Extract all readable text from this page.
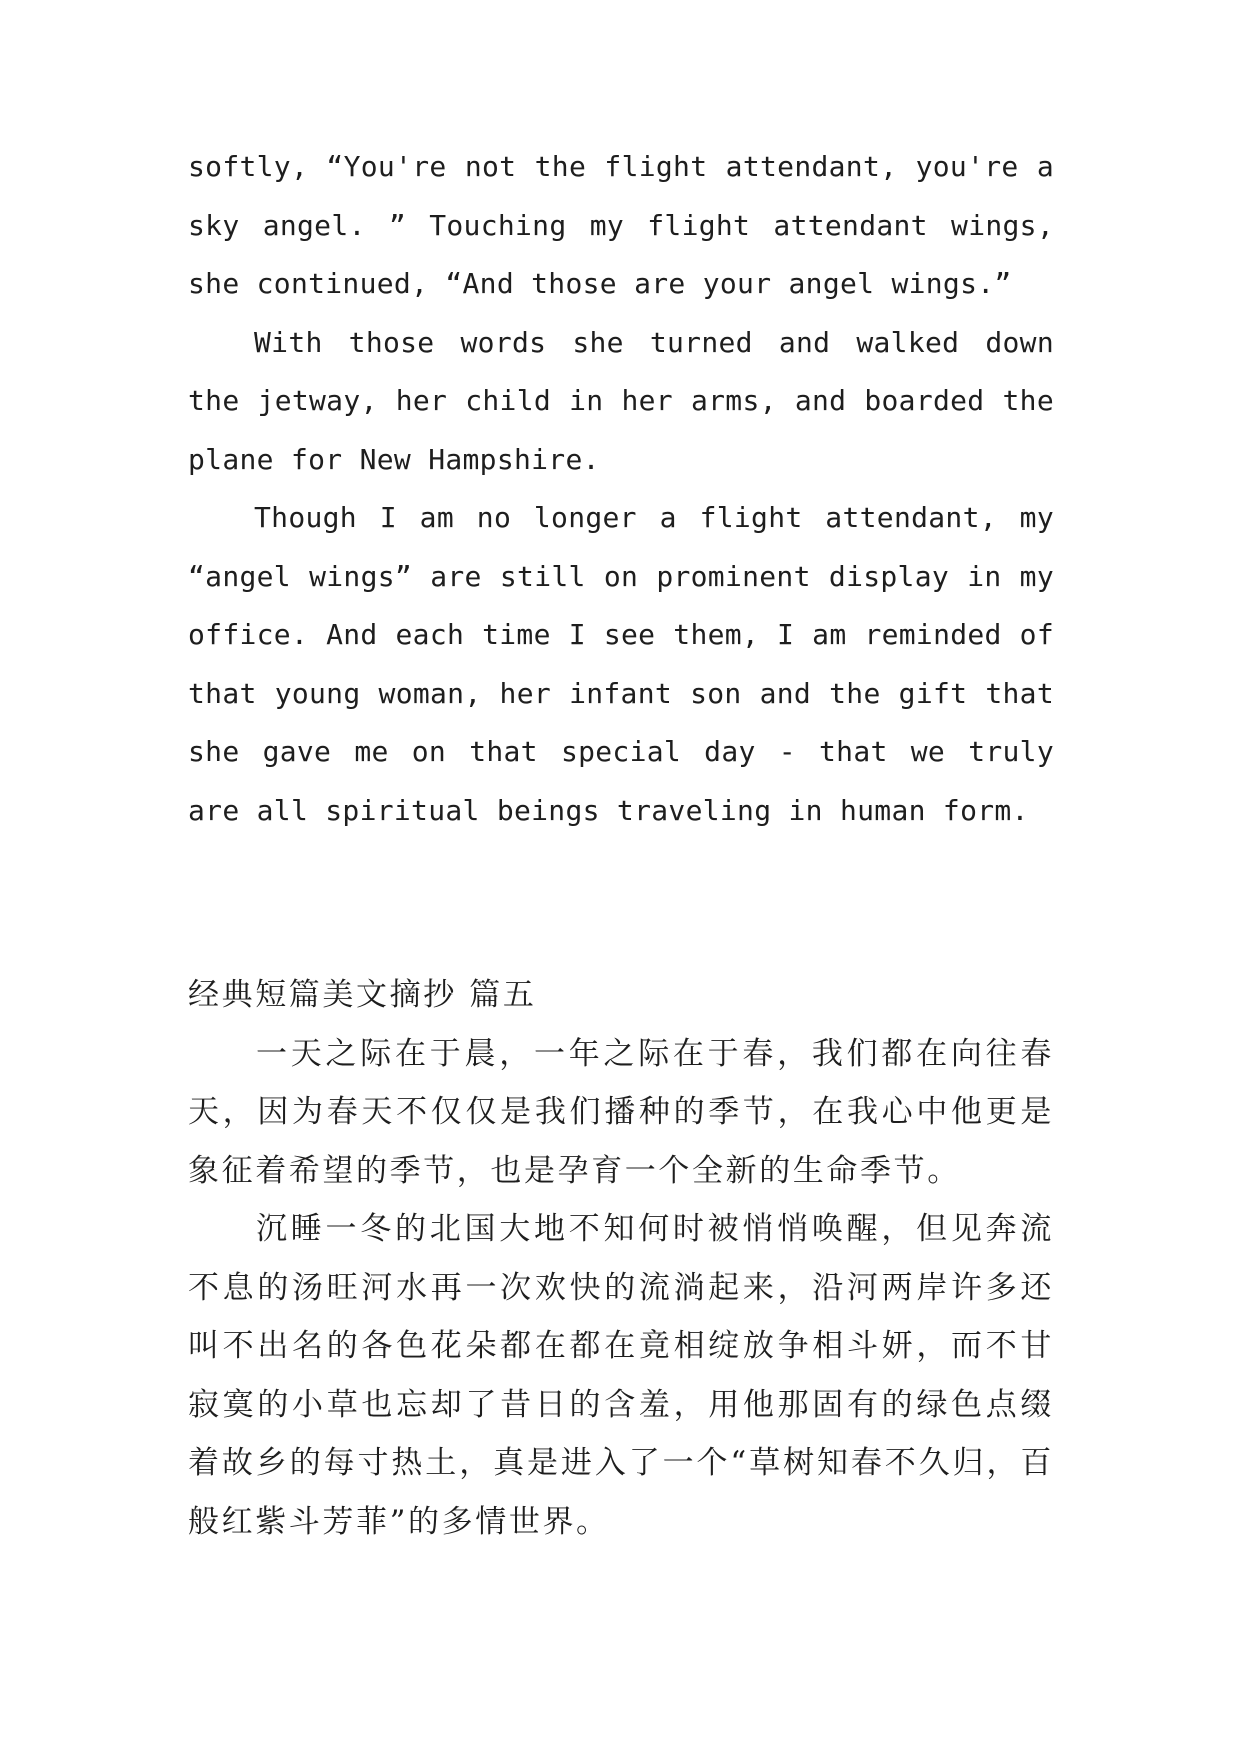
softly, “You're not the flight attendant, you're a sky angel. ” Touching my flight attendant wings, she continued, “And those are your angel wings.”

With those words she turned and walked down the jetway, her child in her arms, and boarded the plane for New Hampshire.

Though I am no longer a flight attendant, my “angel wings” are still on prominent display in my office. And each time I see them, I am reminded of that young woman, her infant son and the gift that she gave me on that special day - that we truly are all spiritual beings traveling in human form.

经典短篇美文摘抄 篇五

一天之际在于晨，一年之际在于春，我们都在向往春天，因为春天不仅仅是我们播种的季节，在我心中他更是象征着希望的季节，也是孕育一个全新的生命季节。

沉睡一冬的北国大地不知何时被悄悄唤醒，但见奔流不息的汤旺河水再一次欢快的流淌起来，沿河两岸许多还叫不出名的各色花朵都在都在竟相绽放争相斗妍，而不甘寂寞的小草也忘却了昔日的含羞，用他那固有的绿色点缀着故乡的每寸热土，真是进入了一个“草树知春不久归，百般红紫斗芳菲”的多情世界。
